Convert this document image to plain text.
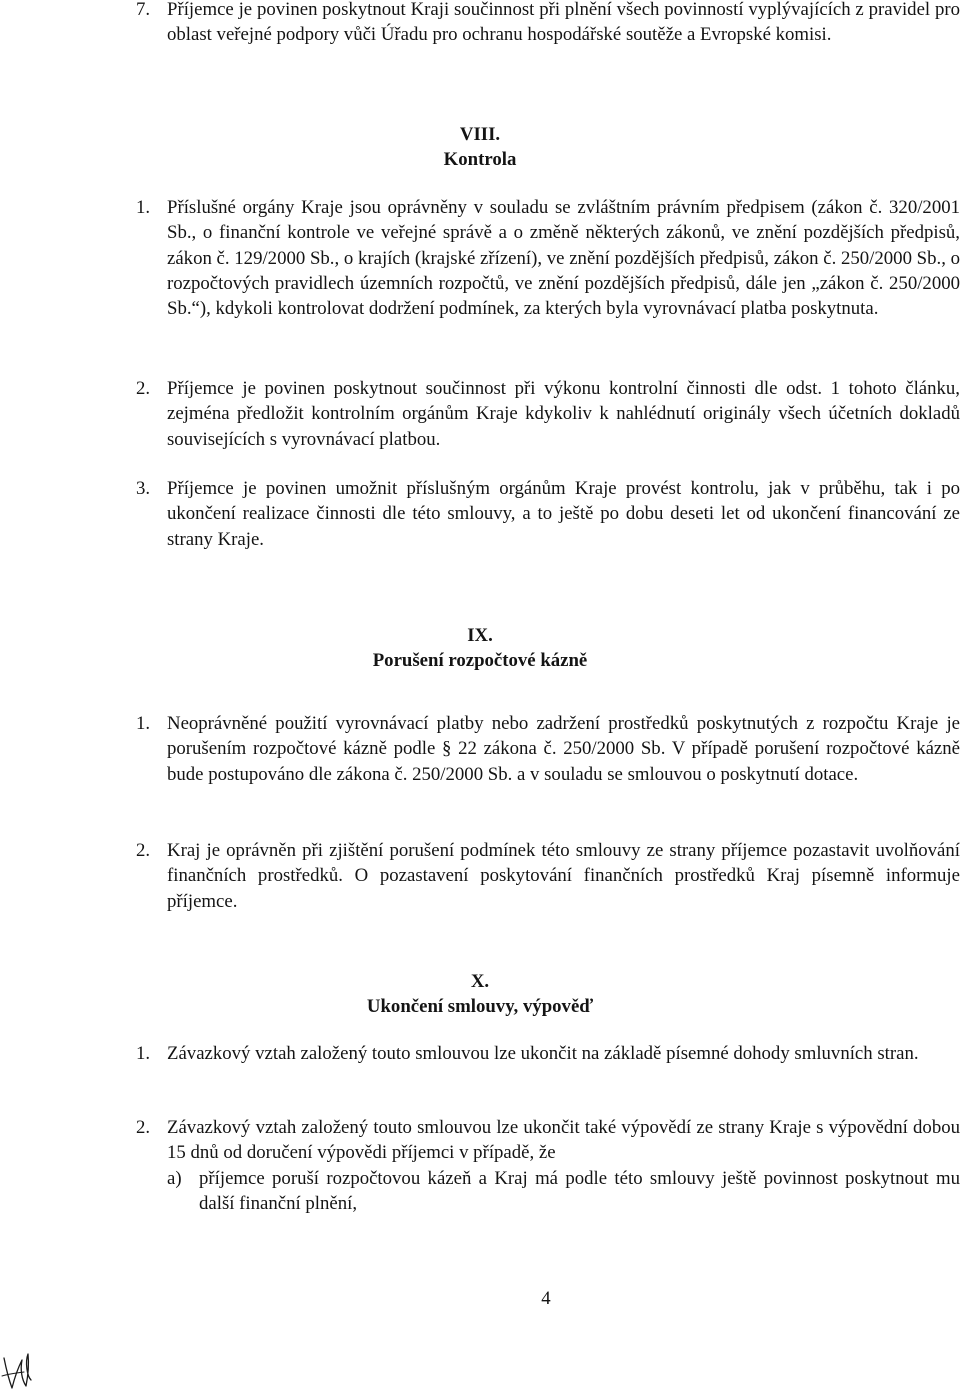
7. Příjemce je povinen poskytnout Kraji součinnost při plnění všech povinností vyplývajících z pravidel pro oblast veřejné podpory vůči Úřadu pro ochranu hospodářské soutěže a Evropské komisi.
VIII.
Kontrola
1. Příslušné orgány Kraje jsou oprávněny v souladu se zvláštním právním předpisem (zákon č. 320/2001 Sb., o finanční kontrole ve veřejné správě a o změně některých zákonů, ve znění pozdějších předpisů, zákon č. 129/2000 Sb., o krajích (krajské zřízení), ve znění pozdějších předpisů, zákon č. 250/2000 Sb., o rozpočtových pravidlech územních rozpočtů, ve znění pozdějších předpisů, dále jen „zákon č. 250/2000 Sb.“), kdykoli kontrolovat dodržení podmínek, za kterých byla vyrovnávací platba poskytnuta.
2. Příjemce je povinen poskytnout součinnost při výkonu kontrolní činnosti dle odst. 1 tohoto článku, zejména předložit kontrolním orgánům Kraje kdykoliv k nahlédnutí originály všech účetních dokladů souvisejících s vyrovnávací platbou.
3. Příjemce je povinen umožnit příslušným orgánům Kraje provést kontrolu, jak v průběhu, tak i po ukončení realizace činnosti dle této smlouvy, a to ještě po dobu deseti let od ukončení financování ze strany Kraje.
IX.
Porušení rozpočtové kázně
1. Neoprávněné použití vyrovnávací platby nebo zadržení prostředků poskytnutých z rozpočtu Kraje je porušením rozpočtové kázně podle § 22 zákona č. 250/2000 Sb. V případě porušení rozpočtové kázně bude postupováno dle zákona č. 250/2000 Sb. a v souladu se smlouvou o poskytnutí dotace.
2. Kraj je oprávněn při zjištění porušení podmínek této smlouvy ze strany příjemce pozastavit uvolňování finančních prostředků. O pozastavení poskytování finančních prostředků Kraj písemně informuje příjemce.
X.
Ukončení smlouvy, výpověď
1. Závazkový vztah založený touto smlouvou lze ukončit na základě písemné dohody smluvních stran.
2. Závazkový vztah založený touto smlouvou lze ukončit také výpovědí ze strany Kraje s výpovědní dobou 15 dnů od doručení výpovědi příjemci v případě, že
a) příjemce poruší rozpočtovou kázeň a Kraj má podle této smlouvy ještě povinnost poskytnout mu další finanční plnění,
4
